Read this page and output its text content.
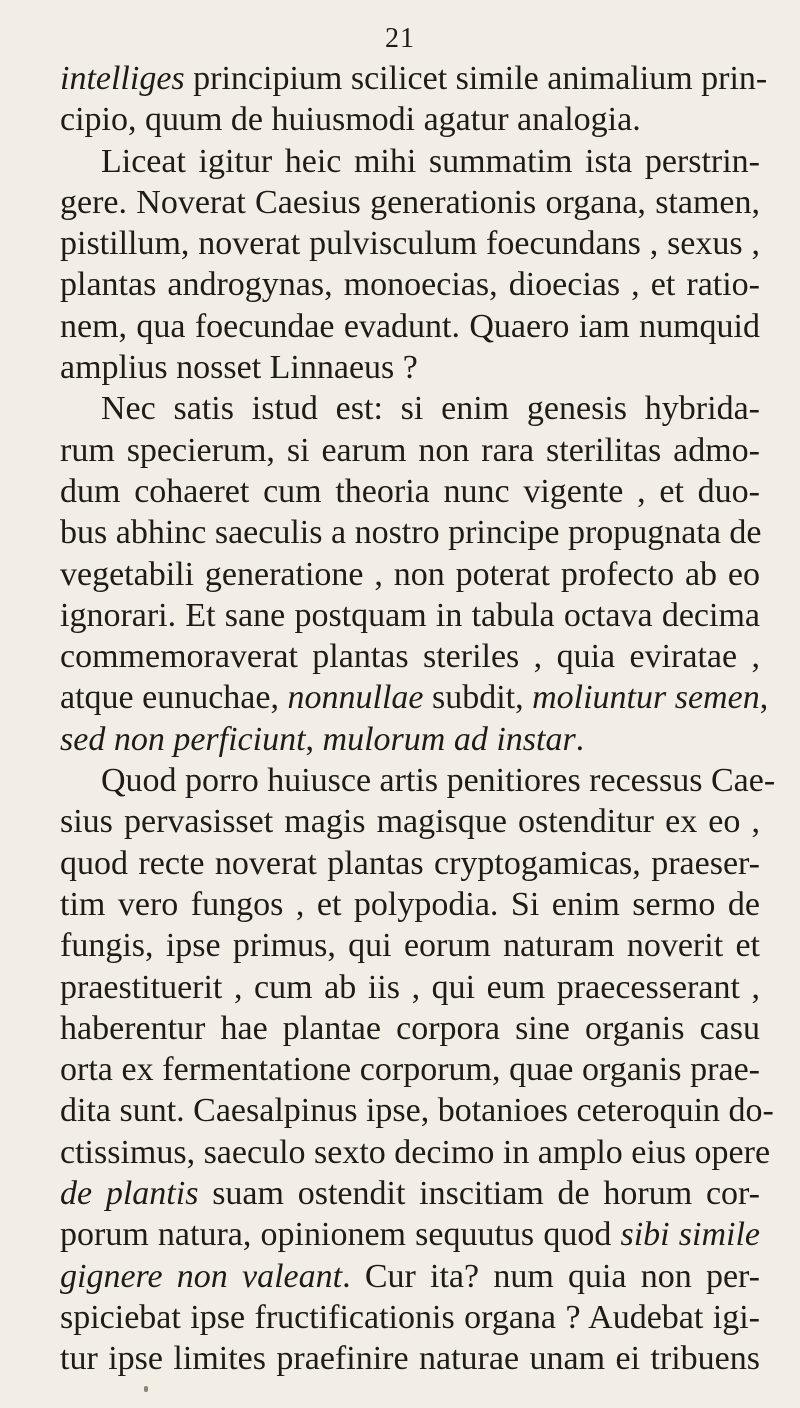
21
intelliges principium scilicet simile animalium prin-
cipio, quum de huiusmodi agatur analogia.
Liceat igitur heic mihi summatim ista perstrin-
gere. Noverat Caesius generationis organa, stamen,
pistillum, noverat pulvisculum foecundans , sexus ,
plantas androgynas, monoecias, dioecias , et ratio-
nem, qua foecundae evadunt. Quaero iam numquid
amplius nosset Linnaeus ?
Nec satis istud est: si enim genesis hybrida-
rum specierum, si earum non rara sterilitas admo-
dum cohaeret cum theoria nunc vigente , et duo-
bus abhinc saeculis a nostro principe propugnata de
vegetabili generatione , non poterat profecto ab eo
ignorari. Et sane postquam in tabula octava decima
commemoraverat plantas steriles , quia eviratae ,
atque eunuchae, nonnullae subdit, moliuntur semen,
sed non perficiunt, mulorum ad instar.
Quod porro huiusce artis penitiores recessus Cae-
sius pervasisset magis magisque ostenditur ex eo ,
quod recte noverat plantas cryptogamicas, praeser-
tim vero fungos , et polypodia. Si enim sermo de
fungis, ipse primus, qui eorum naturam noverit et
praestituerit , cum ab iis , qui eum praecesserant ,
haberentur hae plantae corpora sine organis casu
orta ex fermentatione corporum, quae organis prae-
dita sunt. Caesalpinus ipse, botanioes ceteroquin do-
ctissimus, saeculo sexto decimo in amplo eius opere
de plantis suam ostendit inscitiam de horum cor-
porum natura, opinionem sequutus quod sibi simile
gignere non valeant. Cur ita? num quia non per-
spiciebat ipse fructificationis organa ? Audebat igi-
tur ipse limites praefinire naturae unam ei tribuens
